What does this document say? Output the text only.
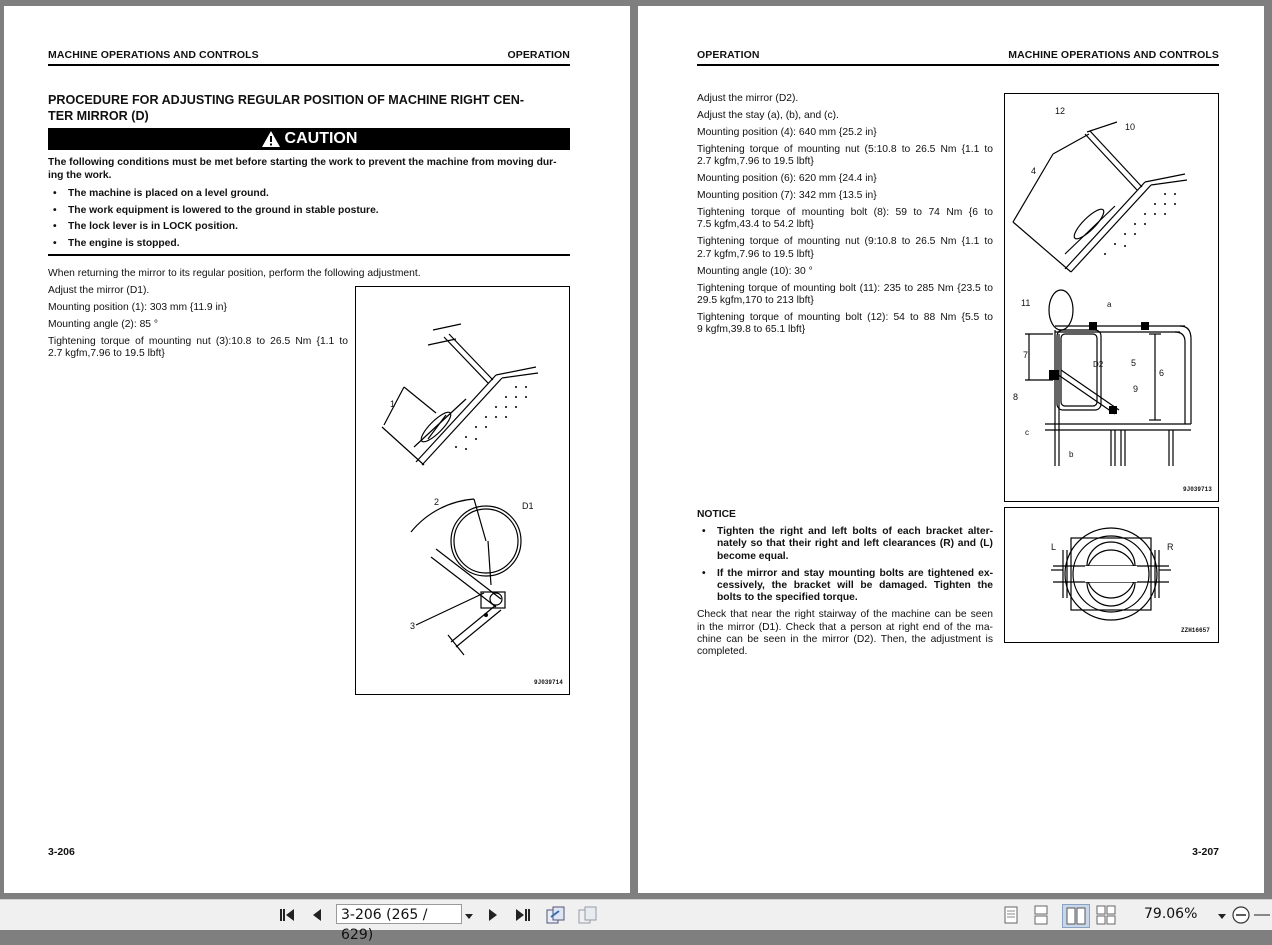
MACHINE OPERATIONS AND CONTROLS	OPERATION
PROCEDURE FOR ADJUSTING REGULAR POSITION OF MACHINE RIGHT CEN-
TER MIRROR (D)
CAUTION
The following conditions must be met before starting the work to prevent the machine from moving dur-
ing the work.
• The machine is placed on a level ground.
• The work equipment is lowered to the ground in stable posture.
• The lock lever is in LOCK position.
• The engine is stopped.
When returning the mirror to its regular position, perform the following adjustment.
Adjust the mirror (D1).
Mounting position (1): 303 mm {11.9 in}
Mounting angle (2): 85 °
Tightening torque of mounting nut (3):10.8 to 26.5 Nm {1.1 to
2.7 kgfm,7.96 to 19.5 lbft}
1
2	D1
3
9J039714
3-206
OPERATION	MACHINE OPERATIONS AND CONTROLS
Adjust the mirror (D2).
Adjust the stay (a), (b), and (c).
Mounting position (4): 640 mm {25.2 in}
Tightening torque of mounting nut (5:10.8 to 26.5 Nm {1.1 to
2.7 kgfm,7.96 to 19.5 lbft}
Mounting position (6): 620 mm {24.4 in}
Mounting position (7): 342 mm {13.5 in}
Tightening torque of mounting bolt (8): 59 to 74 Nm {6 to
7.5 kgfm,43.4 to 54.2 lbft}
Tightening torque of mounting nut (9:10.8 to 26.5 Nm {1.1 to
2.7 kgfm,7.96 to 19.5 lbft}
Mounting angle (10): 30 °
Tightening torque of mounting bolt (11): 235 to 285 Nm {23.5 to
29.5 kgfm,170 to 213 lbft}
Tightening torque of mounting bolt (12): 54 to 88 Nm {5.5 to
9 kgfm,39.8 to 65.1 lbft}
NOTICE
• Tighten the right and left bolts of each bracket alter-
nately so that their right and left clearances (R) and (L)
become equal.
• If the mirror and stay mounting bolts are tightened ex-
cessively, the bracket will be damaged. Tighten the
bolts to the specified torque.
Check that near the right stairway of the machine can be seen
in the mirror (D1). Check that a person at right end of the ma-
chine can be seen in the mirror (D2). Then, the adjustment is
completed.
12
10
4
11	a
7
D2	5
6
9
8
c
b
9J039713
L	R
ZZH16657
3-207
3-206 (265 / 629)
79.06%
